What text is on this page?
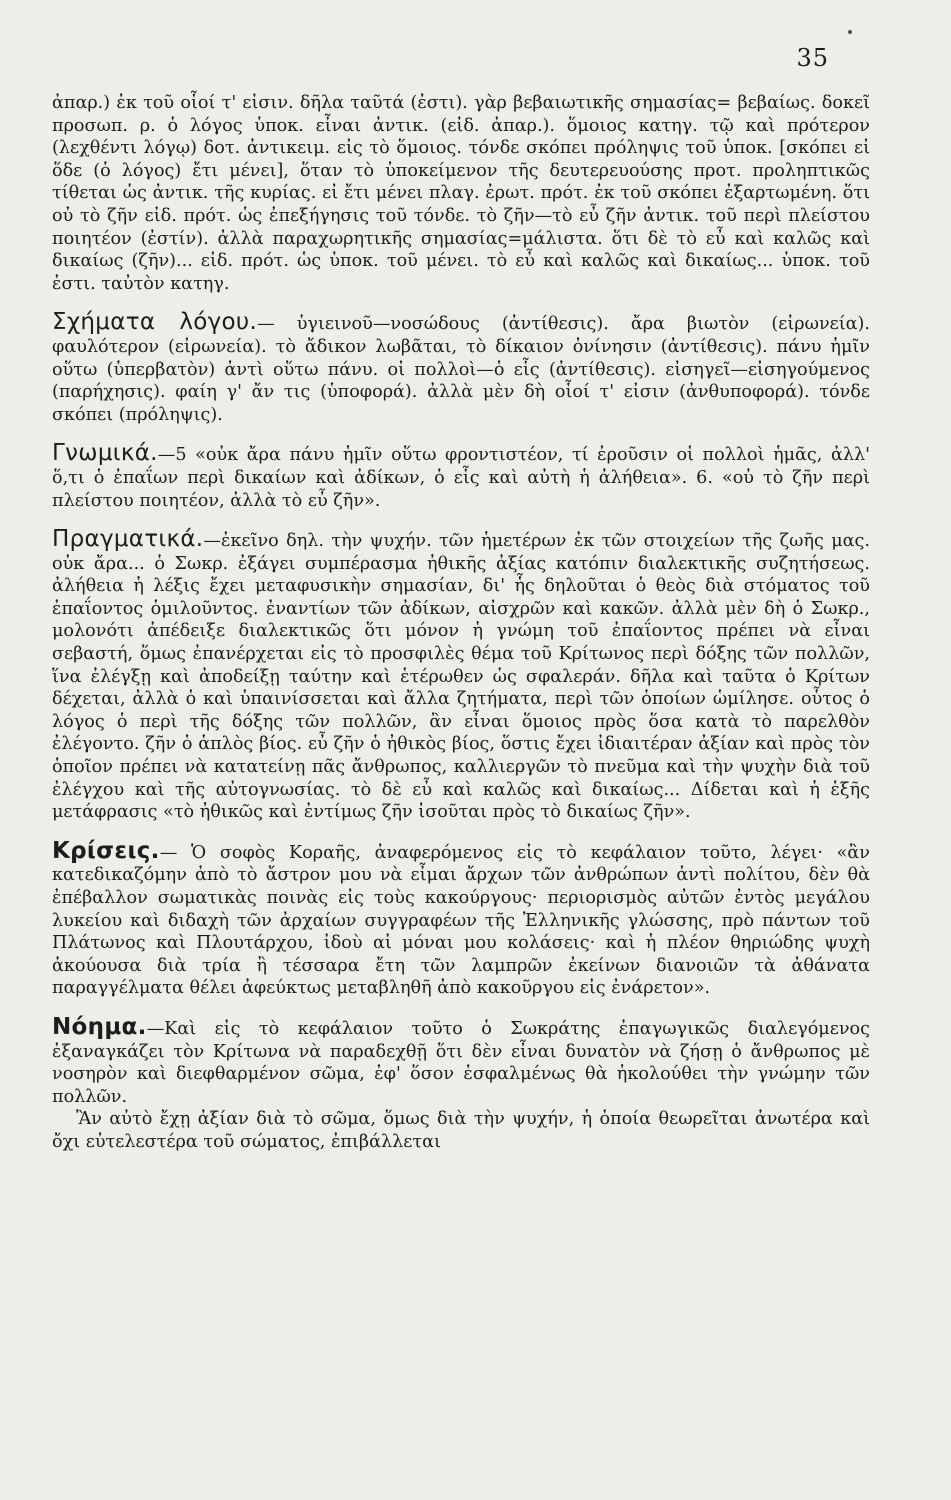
35

ἀπαρ.) ἐκ τοῦ οἷοί τ' εἰσιν. δῆλα ταῦτά (ἐστι). γὰρ βεβαιωτικῆς σημασίας= βεβαίως. δοκεῖ προσωπ. ρ. ὁ λόγος ὑποκ. εἶναι ἀντικ. (εἰδ. ἀπαρ.). ὅμοιος κατηγ. τῷ καὶ πρότερον (λεχθέντι λόγῳ) δοτ. ἀντικειμ. εἰς τὸ ὅμοιος. τόνδε σκόπει πρόληψις τοῦ ὑποκ. [σκόπει εἰ ὅδε (ὁ λόγος) ἔτι μένει], ὅταν τὸ ὑποκείμενον τῆς δευτερευούσης προτ. προληπτικῶς τίθεται ὡς ἀντικ. τῆς κυρίας. εἰ ἔτι μένει πλαγ. ἐρωτ. πρότ. ἐκ τοῦ σκόπει ἐξαρτωμένη. ὅτι οὐ τὸ ζῆν εἰδ. πρότ. ὡς ἐπεξήγησις τοῦ τόνδε. τὸ ζῆν—τὸ εὖ ζῆν ἀντικ. τοῦ περὶ πλείστου ποιητέον (ἐστίν). ἀλλὰ παραχωρητικῆς σημασίας=μάλιστα. ὅτι δὲ τὸ εὖ καὶ καλῶς καὶ δικαίως (ζῆν)... εἰδ. πρότ. ὡς ὑποκ. τοῦ μένει. τὸ εὖ καὶ καλῶς καὶ δικαίως... ὑποκ. τοῦ ἐστι. ταὐτὸν κατηγ.

Σχήματα λόγου.— ὑγιεινοῦ—νοσώδους (ἀντίθεσις). ἄρα βιωτὸν (εἰρωνεία). φαυλότερον (εἰρωνεία). τὸ ἄδικον λωβᾶται, τὸ δίκαιον ὀνίνησιν (ἀντίθεσις). πάνυ ἡμῖν οὕτω (ὑπερβατὸν) ἀντὶ οὕτω πάνυ. οἱ πολλοὶ—ὁ εἷς (ἀντίθεσις). εἰσηγεῖ—εἰσηγούμενος (παρήχησις). φαίη γ' ἄν τις (ὑποφορά). ἀλλὰ μὲν δὴ οἷοί τ' εἰσιν (ἀνθυποφορά). τόνδε σκόπει (πρόληψις).

Γνωμικά.—5 «οὐκ ἄρα πάνυ ἡμῖν οὕτω φροντιστέον, τί ἐροῦσιν οἱ πολλοὶ ἡμᾶς, ἀλλ' ὅ,τι ὁ ἐπαΐων περὶ δικαίων καὶ ἀδίκων, ὁ εἷς καὶ αὐτὴ ἡ ἀλήθεια». 6. «οὐ τὸ ζῆν περὶ πλείστου ποιητέον, ἀλλὰ τὸ εὖ ζῆν».

Πραγματικά.—ἐκεῖνο δηλ. τὴν ψυχήν. τῶν ἡμετέρων ἐκ τῶν στοιχείων τῆς ζωῆς μας. οὐκ ἄρα... ὁ Σωκρ. ἐξάγει συμπέρασμα ἠθικῆς ἀξίας κατόπιν διαλεκτικῆς συζητήσεως. ἀλήθεια ἡ λέξις ἔχει μεταφυσικὴν σημασίαν, δι' ἧς δηλοῦται ὁ θεὸς διὰ στόματος τοῦ ἐπαΐοντος ὁμιλοῦντος. ἐναντίων τῶν ἀδίκων, αἰσχρῶν καὶ κακῶν. ἀλλὰ μὲν δὴ ὁ Σωκρ., μολονότι ἀπέδειξε διαλεκτικῶς ὅτι μόνον ἡ γνώμη τοῦ ἐπαΐοντος πρέπει νὰ εἶναι σεβαστή, ὅμως ἐπανέρχεται εἰς τὸ προσφιλὲς θέμα τοῦ Κρίτωνος περὶ δόξης τῶν πολλῶν, ἵνα ἐλέγξῃ καὶ ἀποδείξῃ ταύτην καὶ ἑτέρωθεν ὡς σφαλεράν. δῆλα καὶ ταῦτα ὁ Κρίτων δέχεται, ἀλλὰ ὁ καὶ ὑπαινίσσεται καὶ ἄλλα ζητήματα, περὶ τῶν ὁποίων ὡμίλησε. οὗτος ὁ λόγος ὁ περὶ τῆς δόξης τῶν πολλῶν, ἂν εἶναι ὅμοιος πρὸς ὅσα κατὰ τὸ παρελθὸν ἐλέγοντο. ζῆν ὁ ἁπλὸς βίος. εὖ ζῆν ὁ ἠθικὸς βίος, ὅστις ἔχει ἰδιαιτέραν ἀξίαν καὶ πρὸς τὸν ὁποῖον πρέπει νὰ κατατείνῃ πᾶς ἄνθρωπος, καλλιεργῶν τὸ πνεῦμα καὶ τὴν ψυχὴν διὰ τοῦ ἐλέγχου καὶ τῆς αὐτογνωσίας. τὸ δὲ εὖ καὶ καλῶς καὶ δικαίως... Δίδεται καὶ ἡ ἑξῆς μετάφρασις «τὸ ἠθικῶς καὶ ἐντίμως ζῆν ἰσοῦται πρὸς τὸ δικαίως ζῆν».

Κρίσεις.— Ὁ σοφὸς Κοραῆς, ἀναφερόμενος εἰς τὸ κεφάλαιον τοῦτο, λέγει· «ἂν κατεδικαζόμην ἀπὸ τὸ ἄστρον μου νὰ εἶμαι ἄρχων τῶν ἀνθρώπων ἀντὶ πολίτου, δὲν θὰ ἐπέβαλλον σωματικὰς ποινὰς εἰς τοὺς κακούργους· περιορισμὸς αὐτῶν ἐντὸς μεγάλου λυκείου καὶ διδαχὴ τῶν ἀρχαίων συγγραφέων τῆς Ἑλληνικῆς γλώσσης, πρὸ πάντων τοῦ Πλάτωνος καὶ Πλουτάρχου, ἰδοὺ αἱ μόναι μου κολάσεις· καὶ ἡ πλέον θηριώδης ψυχὴ ἀκούουσα διὰ τρία ἢ τέσσαρα ἔτη τῶν λαμπρῶν ἐκείνων διανοιῶν τὰ ἀθάνατα παραγγέλματα θέλει ἀφεύκτως μεταβληθῆ ἀπὸ κακοῦργου εἰς ἐνάρετον».

Νόημα.—Καὶ εἰς τὸ κεφάλαιον τοῦτο ὁ Σωκράτης ἐπαγωγικῶς διαλεγόμενος ἐξαναγκάζει τὸν Κρίτωνα νὰ παραδεχθῇ ὅτι δὲν εἶναι δυνατὸν νὰ ζήσῃ ὁ ἄνθρωπος μὲ νοσηρὸν καὶ διεφθαρμένον σῶμα, ἐφ' ὅσον ἐσφαλμένως θὰ ἠκολούθει τὴν γνώμην τῶν πολλῶν.

Ἂν αὐτὸ ἔχῃ ἀξίαν διὰ τὸ σῶμα, ὅμως διὰ τὴν ψυχήν, ἡ ὁποία θεωρεῖται ἀνωτέρα καὶ ὄχι εὐτελεστέρα τοῦ σώματος, ἐπιβάλλεται
